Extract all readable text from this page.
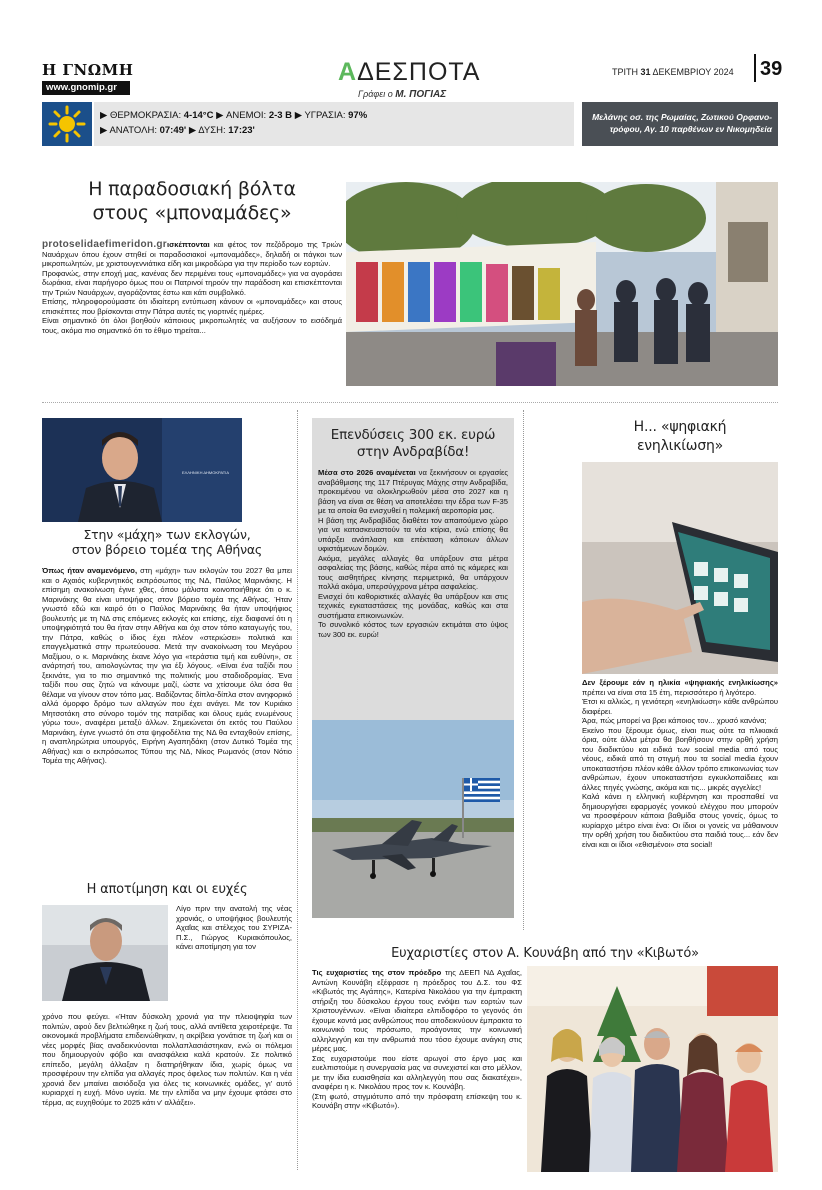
Η ΓΝΩΜΗ
www.gnomip.gr
ΑΔΕΣΠΟΤΑ
Γράφει ο Μ. ΠΟΓΙΑΣ
ΤΡΙΤΗ 31 ΔΕΚΕΜΒΡΙΟΥ 2024 39
▶ ΘΕΡΜΟΚΡΑΣΙΑ: 4-14°C ▶ ΑΝΕΜΟΙ: 2-3 Β ▶ ΥΓΡΑΣΙΑ: 97%
▶ ΑΝΑΤΟΛΗ: 07:49' ▶ ΔΥΣΗ: 17:23'
Μελάνης οσ. της Ρωμαίας, Ζωτικού Ορφανο-
τρόφου, Αγ. 10 παρθένων εν Νικομηδεία
Η παραδοσιακή βόλτα
στους «μποναμάδες»

protoselidaefimeridon.grισκέπτονται και φέτος τον πεζόδρομο της Τριών Ναυάρχων όπου έχουν στηθεί οι παραδοσιακοί «μποναμάδες», δηλαδή οι πάγκοι των μικροπωλητών, με χριστουγεννιάτικα είδη και μικροδώρα για την περίοδο των εορτών.

Προφανώς, στην εποχή μας, κανένας δεν περιμένει τους «μποναμάδες» για να αγοράσει δωράκια, είναι παρήγορο όμως που οι Πατρινοί τηρούν την παράδοση και επισκέπτονται την Τριών Ναυάρχων, αγοράζοντας έστω και κάτι συμβολικό.

Επίσης, πληροφορούμαστε ότι ιδιαίτερη εντύπωση κάνουν οι «μποναμάδες» και στους επισκέπτες που βρίσκονται στην Πάτρα αυτές τις γιορτινές ημέρες.

Είναι σημαντικό ότι όλοι βοηθούν κάποιους μικροπωλητές να αυξήσουν το εισόδημά τους, ακόμα πιο σημαντικό ότι το έθιμο τηρείται...

ΕΛΛΗΝΙΚΗ ΔΗΜΟΚΡΑΤΙΑ
Στην «μάχη» των εκλογών,
στον βόρειο τομέα της Αθήνας

Όπως ήταν αναμενόμενο, στη «μάχη» των εκλογών του 2027 θα μπει και ο Αχαιός κυβερνητικός εκπρόσωπος της ΝΔ, Παύλος Μαρινάκης. Η επίσημη ανακοίνωση έγινε χθες, όπου μάλιστα κοινοποιήθηκε ότι ο κ. Μαρινάκης θα είναι υποψήφιος στον βόρειο τομέα της Αθήνας. Ήταν γνωστό εδώ και καιρό ότι ο Παύλος Μαρινάκης θα ήταν υποψήφιος βουλευτής με τη ΝΔ στις επόμενες εκλογές και επίσης, είχε διαφανεί ότι η υποψηφιότητά του θα ήταν στην Αθήνα και όχι στον τόπο καταγωγής του, την Πάτρα, καθώς ο ίδιος έχει πλέον «στεριώσει» πολιτικά και επαγγελματικά στην πρωτεύουσα. Μετά την ανακοίνωση του Μεγάρου Μαξίμου, ο κ. Μαρινάκης έκανε λόγο για «τεράστια τιμή και ευθύνη», σε ανάρτησή του, αιτιολογώντας την για έξι λόγους. «Είναι ένα ταξίδι που ξεκινάτε, για το πιο σημαντικό της πολιτικής μου σταδιοδρομίας. Ένα ταξίδι που σας ζητώ να κάνουμε μαζί, ώστε να χτίσουμε όλα όσα θα θέλαμε να γίνουν στον τόπο μας. Βαδίζοντας δίπλα-δίπλα στον ανηφορικό αλλά όμορφο δρόμο των αλλαγών που έχει ανάγει. Με τον Κυριάκο Μητσοτάκη στο σύνορο τομόν της πατρίδας και όλους εμάς ενωμένους γύρω του», αναφέρει μεταξύ άλλων. Σημειώνεται ότι εκτός του Παύλου Μαρινάκη, έγινε γνωστό ότι στα ψηφοδέλτια της ΝΔ θα ενταχθούν επίσης, η αναπληρώτρια υπουργός, Ειρήνη Αγαπηδάκη (στον Δυτικό Τομέα της Αθήνας) και ο εκπρόσωπος Τύπου της ΝΔ, Νίκος Ρωμανός (στον Νότιο Τομέα της Αθήνας).

Η αποτίμηση και οι ευχές
Λίγο πριν την ανατολή της νέας χρονιάς, ο υποψήφιος βουλευτής Αχαΐας και στέλεχος του ΣΥΡΙΖΑ-Π.Σ., Γιώργος Κυριακόπουλος, κάνει αποτίμηση για τον
χρόνο που φεύγει. «Ήταν δύσκολη χρονιά για την πλειοψηφία των πολιτών, αφού δεν βελτιώθηκε η ζωή τους, αλλά αντίθετα χειροτέρεψε. Τα οικονομικά προβλήματα επιδεινώθηκαν, η ακρίβεια γονάτισε τη ζωή και οι νέες μορφές βίας αναδεικνύονται πολλαπλασιάστηκαν, ενώ οι πόλεμοι που δημιουργούν φόβο και ανασφάλεια καλά κρατούν. Σε πολιτικό επίπεδο, μεγάλη άλλαξαν η διατηρήθηκαν ίδια, χωρίς όμως να προσφέρουν την ελπίδα για αλλαγές προς όφελος των πολιτών. Και η νέα χρονιά δεν μπαίνει αισιόδοξα για όλες τις κοινωνικές ομάδες, γι' αυτό κυριαρχεί η ευχή. Μόνο υγεία. Με την ελπίδα να μην έχουμε φτάσει στο τέρμα, ας ευχηθούμε το 2025 κάτι ν' αλλάξει».
Επενδύσεις 300 εκ. ευρώ
στην Ανδραβίδα!

Μέσα στο 2026 αναμένεται να ξεκινήσουν οι εργασίες αναβάθμισης της 117 Πτέρυγας Μάχης στην Ανδραβίδα, προκειμένου να ολοκληρωθούν μέσα στο 2027 και η βάση να είναι σε θέση να αποτελέσει την έδρα των F-35 με τα οποία θα ενισχυθεί η πολεμική αεροπορία μας.

Η βάση της Ανδραβίδας διαθέτει τον απαιτούμενο χώρο για να κατασκευαστούν τα νέα κτίρια, ενώ επίσης θα υπάρξει ανάπλαση και επέκταση κάποιων άλλων υφιστάμενων δομών.

Ακόμα, μεγάλες αλλαγές θα υπάρξουν στα μέτρα ασφαλείας της βάσης, καθώς πέρα από τις κάμερες και τους αισθητήρες κίνησης περιμετρικά, θα υπάρχουν πολλά ακόμα, υπερσύγχρονα μέτρα ασφαλείας.

Ενισχεί ότι καθοριστικές αλλαγές θα υπάρξουν και στις τεχνικές εγκαταστάσεις της μονάδας, καθώς και στα συστήματα επικοινωνιών.

Το συνολικό κόστος των εργασιών εκτιμάται στο ύψος των 300 εκ. ευρώ!

Η... «ψηφιακή
ενηλικίωση»

Δεν ξέρουμε εάν η ηλικία «ψηφιακής ενηλικίωσης» πρέπει να είναι στα 15 έτη, περισσότερο ή λιγότερο.

Έτσι κι αλλιώς, η γενιότερη «ενηλικίωση» κάθε ανθρώπου διαφέρει.

Άρα, πώς μπορεί να βρει κάποιος τον... χρυσό κανόνα;

Εκείνο που ξέρουμε όμως, είναι πως ούτε τα πλικιακά όρια, ούτε άλλα μέτρα θα βοηθήσουν στην ορθή χρήση του διαδικτύου και ειδικά των social media από τους νέους, ειδικά από τη στιγμή που τα social media έχουν υποκαταστήσει πλέον κάθε άλλον τρόπο επικοινωνίας των ανθρώπων, έχουν υποκαταστήσει εγκυκλοπαίδειες και άλλες πηγές γνώσης, ακόμα και τις... μικρές αγγελίες!

Καλά κάνει η ελληνική κυβέρνηση και προσπαθεί να δημιουργήσει εφαρμογές γονικού ελέγχου που μπορούν να προσφέρουν κάποια βαθμίδα στους γονείς, όμως το κυρίαρχο μέτρο είναι ένα: Οι ίδιοι οι γονείς να μάθαινουν την ορθή χρήση του διαδικτύου στα παιδιά τους... εάν δεν είναι και οι ίδιοι «εθισμένοι» στα social!

Ευχαριστίες στον Α. Κουνάβη από την «Κιβωτό»

Τις ευχαριστίες της στον πρόεδρο της ΔΕΕΠ ΝΔ Αχαΐας, Αντώνη Κουνάβη εξέφρασε η πρόεδρος του Δ.Σ. του ΦΣ «Κιβωτός της Αγάπης», Κατερίνα Νικολάου για την έμπρακτη στήριξη του δύσκολου έργου τους ενόψει των εορτών των Χριστουγέννων. «Είναι ιδιαίτερα ελπιδοφόρο το γεγονός ότι έχουμε κοντά μας ανθρώπους που αποδεικνύουν έμπρακτα το κοινωνικό τους πρόσωπο, προάγοντας την κοινωνική αλληλεγγύη και την ανθρωπιά που τόσο έχουμε ανάγκη στις μέρες μας.

Σας ευχαριστούμε που είστε αρωγοί στο έργο μας και ευελπιστούμε η συνεργασία μας να συνεχιστεί και στο μέλλον, με την ίδια ευαισθησία και αλληλεγγύη που σας διακατέχει», αναφέρει η κ. Νικολάου προς τον κ. Κουνάβη.

(Στη φωτό, στιγμιότυπο από την πρόσφατη επίσκεψη του κ. Κουνάβη στην «Κιβωτό»).
